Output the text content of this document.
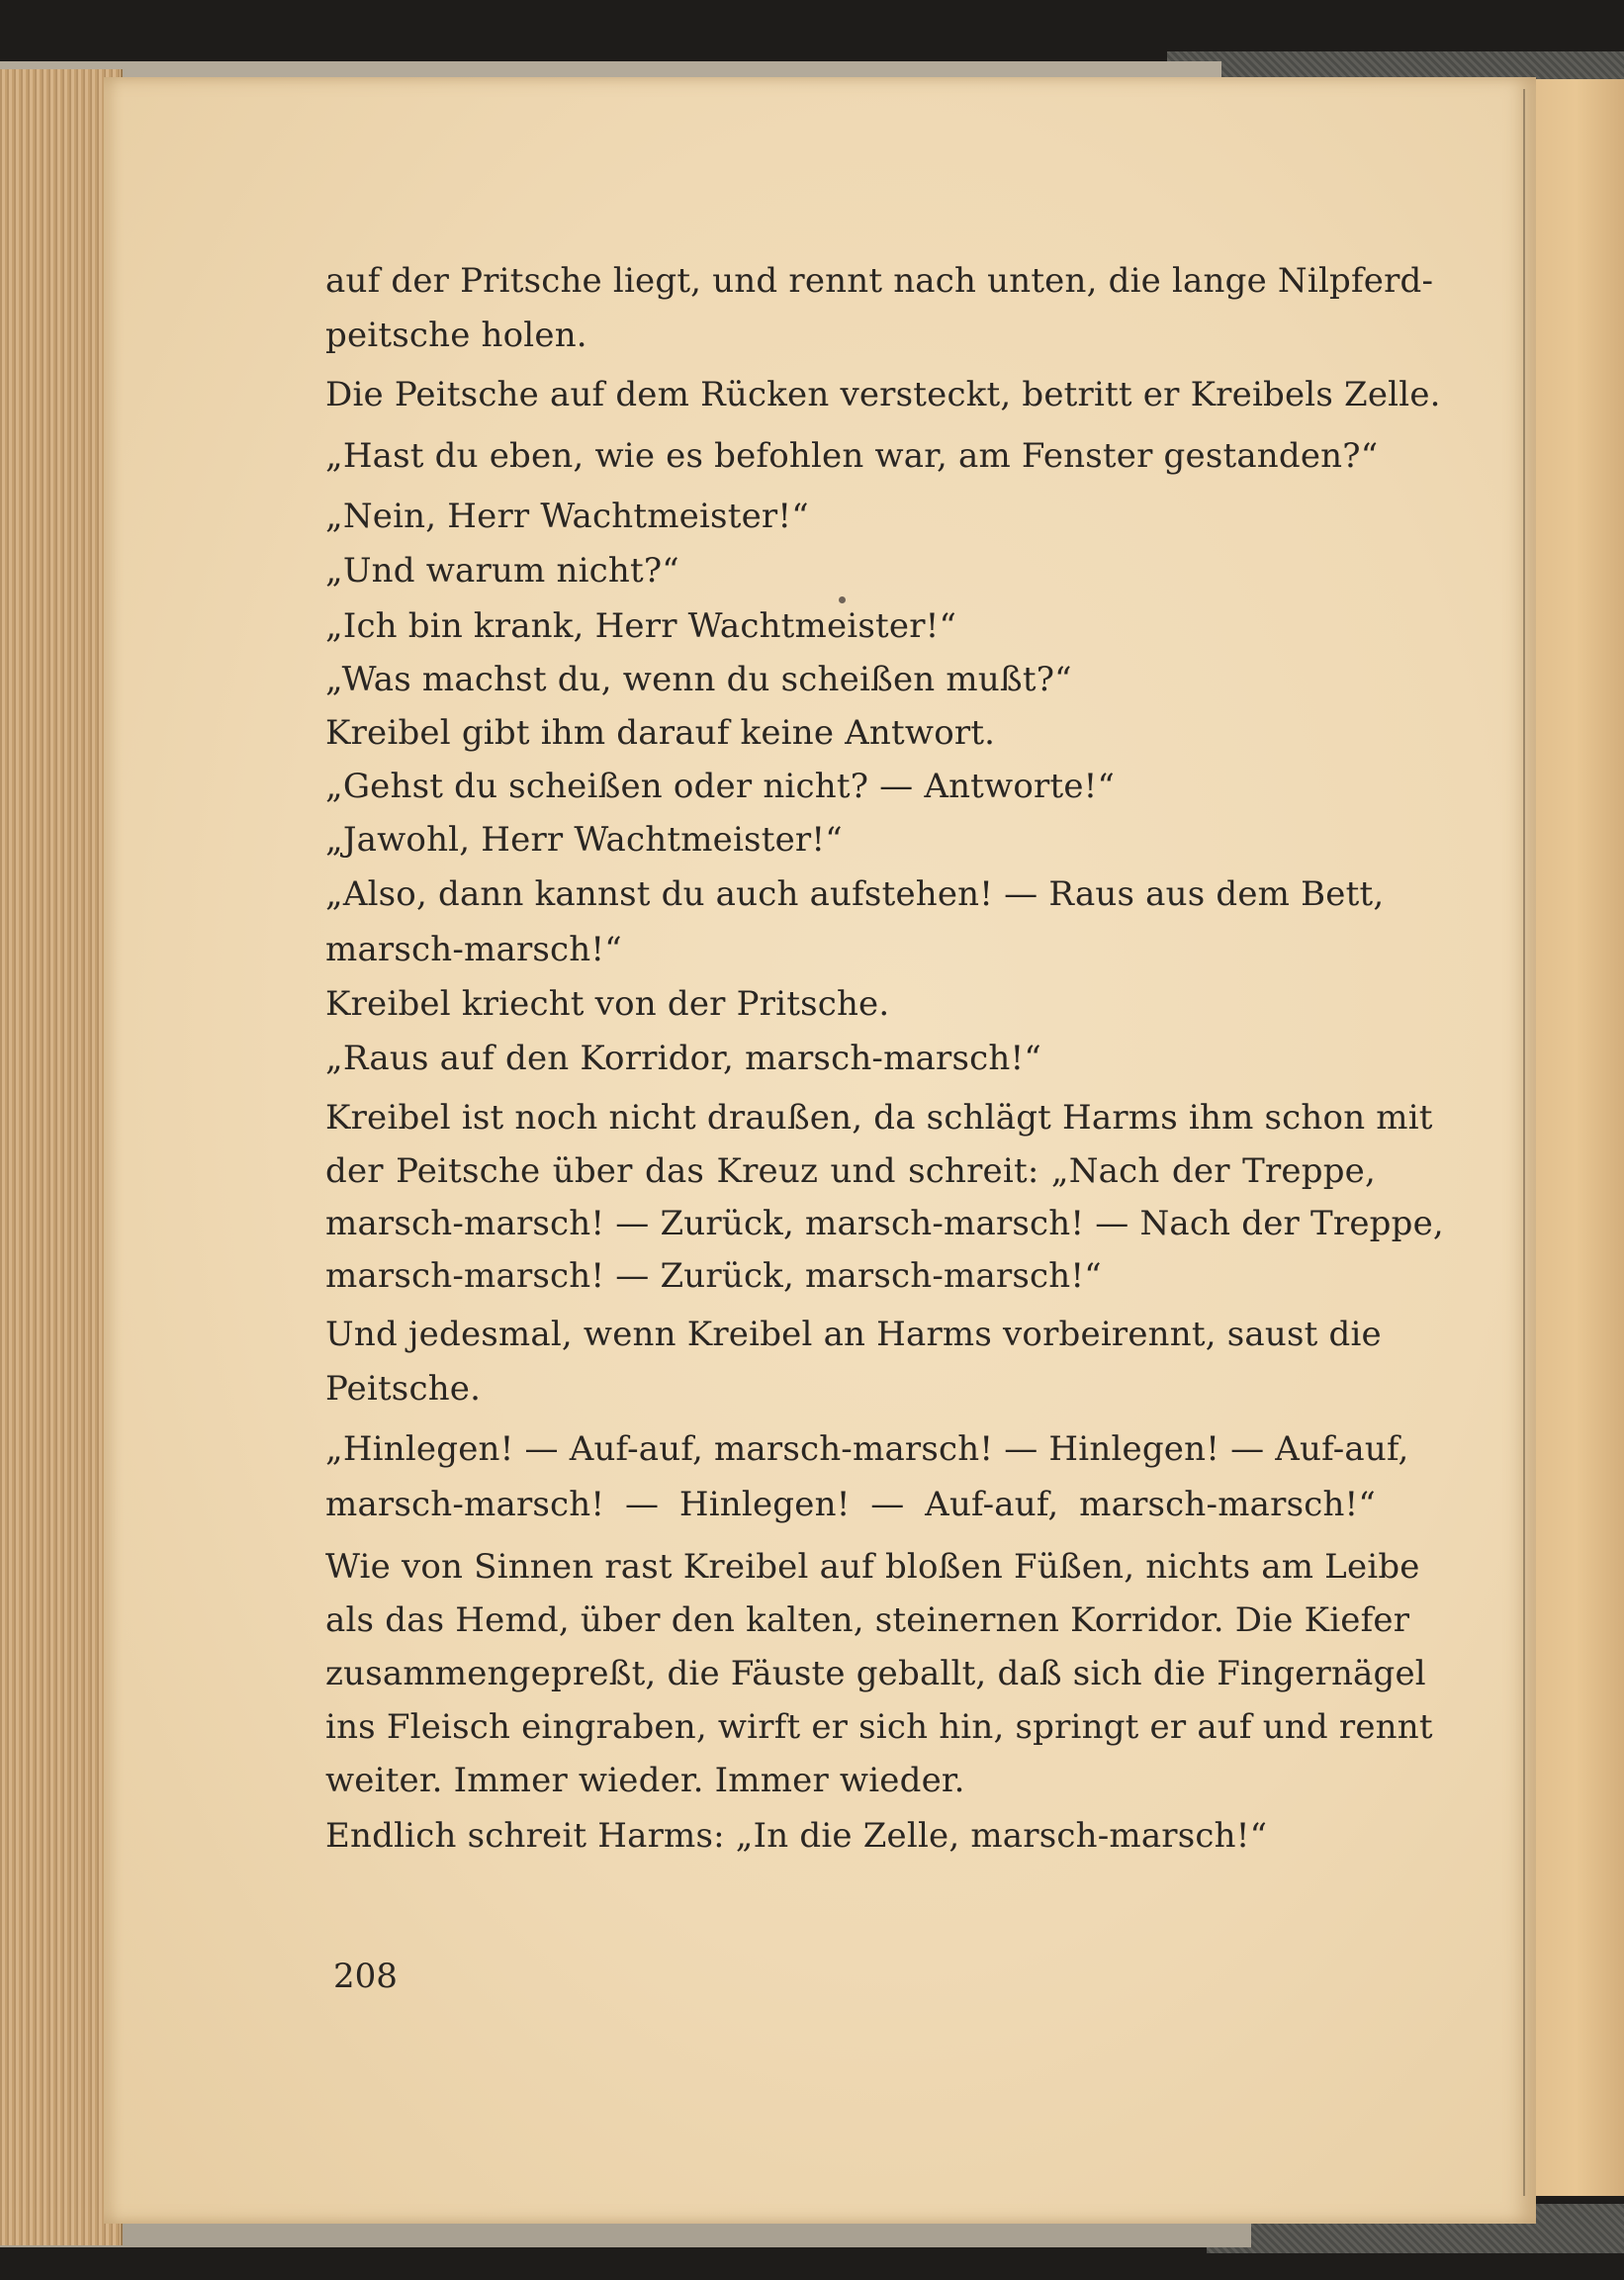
auf der Pritsche liegt, und rennt nach unten, die lange Nilpferd-
peitsche holen.
Die Peitsche auf dem Rücken versteckt, betritt er Kreibels Zelle.
„Hast du eben, wie es befohlen war, am Fenster gestanden?“
„Nein, Herr Wachtmeister!“
„Und warum nicht?“
„Ich bin krank, Herr Wachtmeister!“
„Was machst du, wenn du scheißen mußt?“
Kreibel gibt ihm darauf keine Antwort.
„Gehst du scheißen oder nicht? — Antworte!“
„Jawohl, Herr Wachtmeister!“
„Also, dann kannst du auch aufstehen! — Raus aus dem Bett,
marsch-marsch!“
Kreibel kriecht von der Pritsche.
„Raus auf den Korridor, marsch-marsch!“
Kreibel ist noch nicht draußen, da schlägt Harms ihm schon mit
der Peitsche über das Kreuz und schreit: „Nach der Treppe,
marsch-marsch! — Zurück, marsch-marsch! — Nach der Treppe,
marsch-marsch! — Zurück, marsch-marsch!“
Und jedesmal, wenn Kreibel an Harms vorbeirennt, saust die
Peitsche.
„Hinlegen! — Auf-auf, marsch-marsch! — Hinlegen! — Auf-auf,
marsch-marsch! — Hinlegen! — Auf-auf, marsch-marsch!“
Wie von Sinnen rast Kreibel auf bloßen Füßen, nichts am Leibe
als das Hemd, über den kalten, steinernen Korridor. Die Kiefer
zusammengepreßt, die Fäuste geballt, daß sich die Fingernägel
ins Fleisch eingraben, wirft er sich hin, springt er auf und rennt
weiter. Immer wieder. Immer wieder.
Endlich schreit Harms: „In die Zelle, marsch-marsch!“
208
